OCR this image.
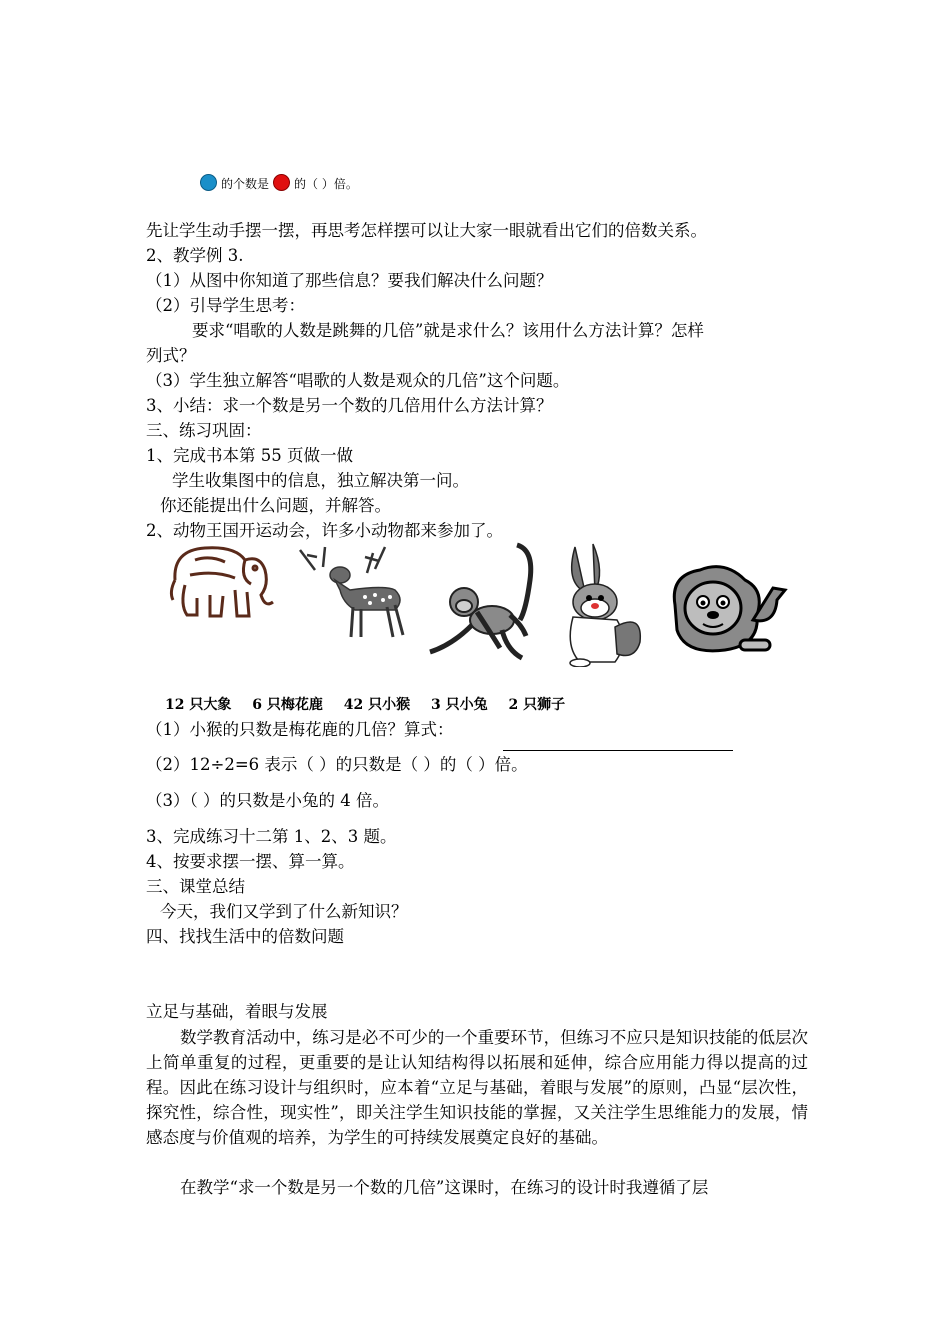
的个数是 的（ ）倍。
先让学生动手摆一摆，再思考怎样摆可以让大家一眼就看出它们的倍数关系。
2、教学例 3.
（1）从图中你知道了那些信息？要我们解决什么问题？
（2）引导学生思考：
要求“唱歌的人数是跳舞的几倍”就是求什么？该用什么方法计算？怎样
列式？
（3）学生独立解答“唱歌的人数是观众的几倍”这个问题。
3、小结：求一个数是另一个数的几倍用什么方法计算？
三、练习巩固：
1、完成书本第 55 页做一做
学生收集图中的信息，独立解决第一问。
你还能提出什么问题，并解答。
2、动物王国开运动会，许多小动物都来参加了。
12 只大象 6 只梅花鹿 42 只小猴 3 只小兔 2 只狮子
（1）小猴的只数是梅花鹿的几倍？算式：
（2）12÷2=6 表示（ ）的只数是（ ）的（ ）倍。
（3）（ ）的只数是小兔的 4 倍。
3、完成练习十二第 1、2、3 题。
4、按要求摆一摆、算一算。
三、课堂总结
今天，我们又学到了什么新知识？
四、找找生活中的倍数问题
立足与基础，着眼与发展
数学教育活动中，练习是必不可少的一个重要环节，但练习不应只是知识技能的低层次上简单重复的过程，更重要的是让认知结构得以拓展和延伸，综合应用能力得以提高的过程。因此在练习设计与组织时，应本着“立足与基础，着眼与发展”的原则，凸显“层次性，探究性，综合性，现实性”，即关注学生知识技能的掌握，又关注学生思维能力的发展，情感态度与价值观的培养，为学生的可持续发展奠定良好的基础。
在教学“求一个数是另一个数的几倍”这课时，在练习的设计时我遵循了层
